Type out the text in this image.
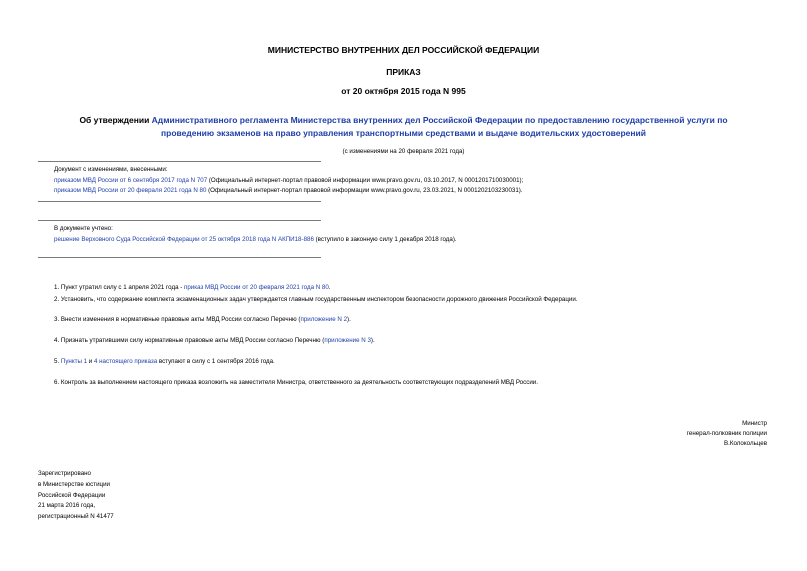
МИНИСТЕРСТВО ВНУТРЕННИХ ДЕЛ РОССИЙСКОЙ ФЕДЕРАЦИИ
ПРИКАЗ
от 20 октября 2015 года N 995
Об утверждении Административного регламента Министерства внутренних дел Российской Федерации по предоставлению государственной услуги по
проведению экзаменов на право управления транспортными средствами и выдаче водительских удостоверений
(с изменениями на 20 февраля 2021 года)
Документ с изменениями, внесенными:
приказом МВД России от 6 сентября 2017 года N 707 (Официальный интернет-портал правовой информации www.pravo.gov.ru, 03.10.2017, N 0001201710030001);
приказом МВД России от 20 февраля 2021 года N 80 (Официальный интернет-портал правовой информации www.pravo.gov.ru, 23.03.2021, N 0001202103230031).
В документе учтено:
решение Верховного Суда Российской Федерации от 25 октября 2018 года N АКПИ18-886 (вступило в законную силу 1 декабря 2018 года).
1. Пункт утратил силу с 1 апреля 2021 года - приказ МВД России от 20 февраля 2021 года N 80.
2. Установить, что содержание комплекта экзаменационных задач утверждается главным государственным инспектором безопасности дорожного движения Российской Федерации.
3. Внести изменения в нормативные правовые акты МВД России согласно Перечню (приложение N 2).
4. Признать утратившими силу нормативные правовые акты МВД России согласно Перечню (приложение N 3).
5. Пункты 1 и 4 настоящего приказа вступают в силу с 1 сентября 2016 года.
6. Контроль за выполнением настоящего приказа возложить на заместителя Министра, ответственного за деятельность соответствующих подразделений МВД России.
Министр
генерал-полковник полиции
В.Колокольцев
Зарегистрировано
в Министерстве юстиции
Российской Федерации
21 марта 2016 года,
регистрационный N 41477
